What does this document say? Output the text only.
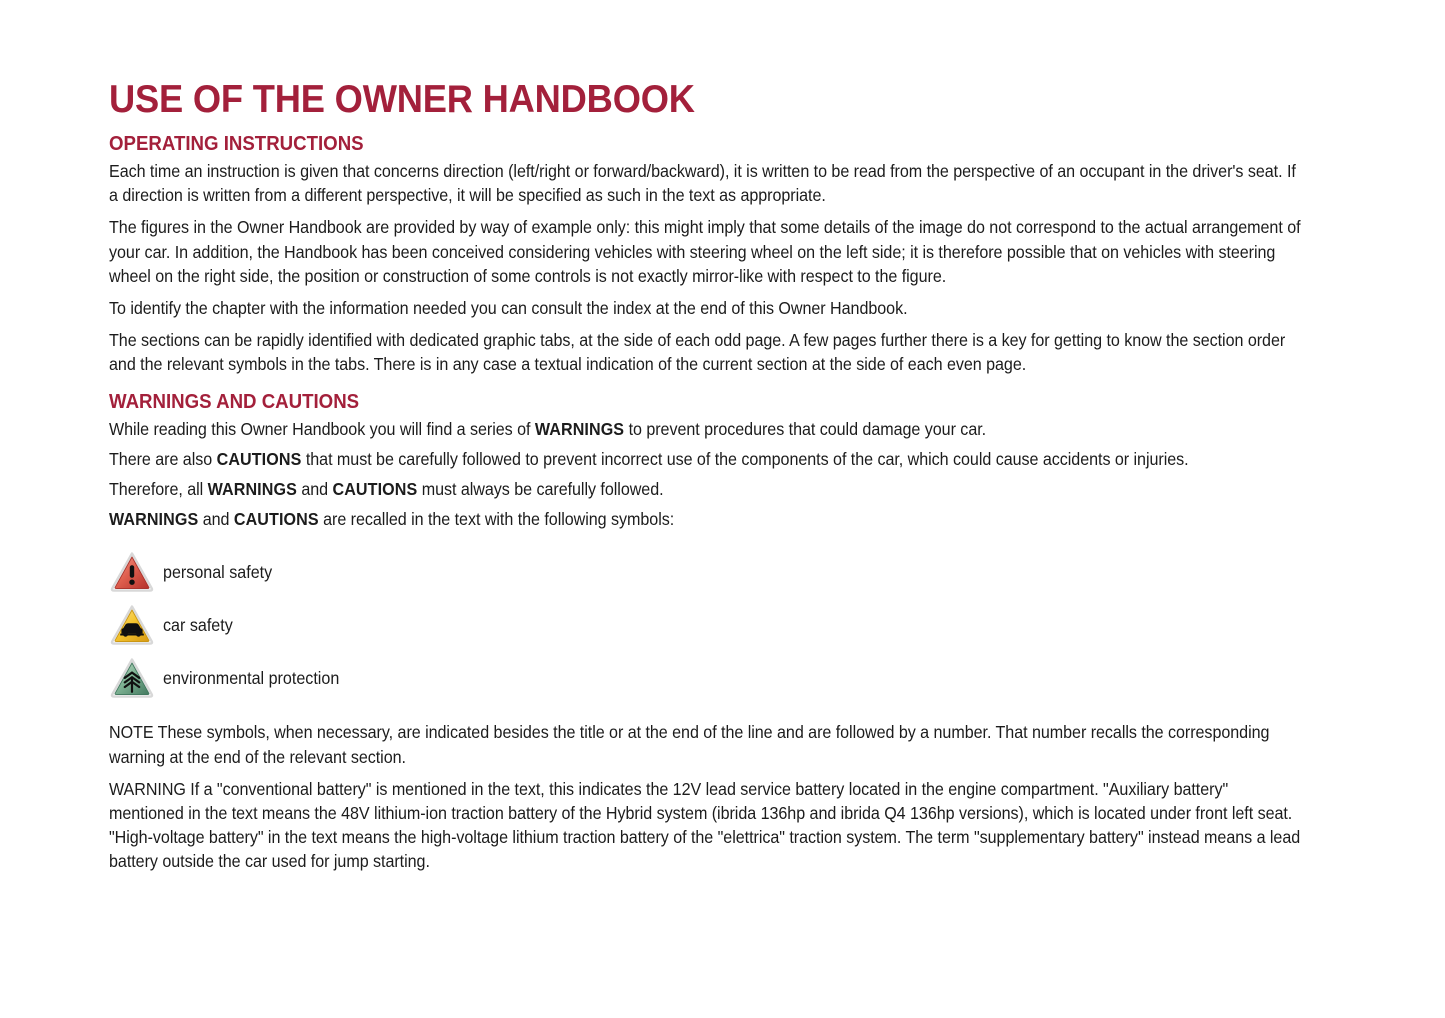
USE OF THE OWNER HANDBOOK
OPERATING INSTRUCTIONS

Each time an instruction is given that concerns direction (left/right or forward/backward), it is written to be read from the perspective of an occupant in the driver's seat. If a direction is written from a different perspective, it will be specified as such in the text as appropriate.

The figures in the Owner Handbook are provided by way of example only: this might imply that some details of the image do not correspond to the actual arrangement of your car. In addition, the Handbook has been conceived considering vehicles with steering wheel on the left side; it is therefore possible that on vehicles with steering wheel on the right side, the position or construction of some controls is not exactly mirror-like with respect to the figure.

To identify the chapter with the information needed you can consult the index at the end of this Owner Handbook.

The sections can be rapidly identified with dedicated graphic tabs, at the side of each odd page. A few pages further there is a key for getting to know the section order and the relevant symbols in the tabs. There is in any case a textual indication of the current section at the side of each even page.

WARNINGS AND CAUTIONS

While reading this Owner Handbook you will find a series of WARNINGS to prevent procedures that could damage your car.

There are also CAUTIONS that must be carefully followed to prevent incorrect use of the components of the car, which could cause accidents or injuries.

Therefore, all WARNINGS and CAUTIONS must always be carefully followed.

WARNINGS and CAUTIONS are recalled in the text with the following symbols:

personal safety
car safety
environmental protection

NOTE These symbols, when necessary, are indicated besides the title or at the end of the line and are followed by a number. That number recalls the corresponding warning at the end of the relevant section.

WARNING If a "conventional battery" is mentioned in the text, this indicates the 12V lead service battery located in the engine compartment. "Auxiliary battery" mentioned in the text means the 48V lithium-ion traction battery of the Hybrid system (ibrida 136hp and ibrida Q4 136hp versions), which is located under front left seat. "High-voltage battery" in the text means the high-voltage lithium traction battery of the "elettrica" traction system. The term "supplementary battery" instead means a lead battery outside the car used for jump starting.
